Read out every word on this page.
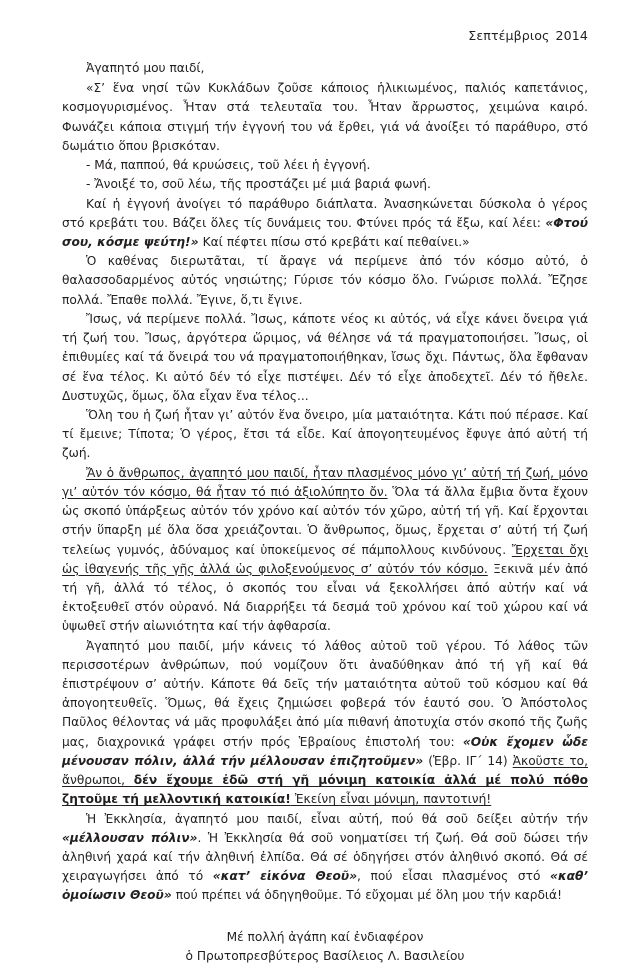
Σεπτέμβριος 2014
Ἀγαπητό μου παιδί,

«Σ’ ἕνα νησί τῶν Κυκλάδων ζοῦσε κάποιος ἡλικιωμένος, παλιός καπετάνιος, κοσμογυρισμένος. Ἦταν στά τελευταῖα του. Ἦταν ἄρρωστος, χειμώνα καιρό. Φωνάζει κάποια στιγμή τήν ἐγγονή του νά ἔρθει, γιά νά ἀνοίξει τό παράθυρο, στό δωμάτιο ὅπου βρισκόταν.

- Μά, παππού, θά κρυώσεις, τοῦ λέει ἡ ἐγγονή.

- Ἄνοιξέ το, σοῦ λέω, τῆς προστάζει μέ μιά βαριά φωνή.

Καί ἡ ἐγγονή ἀνοίγει τό παράθυρο διάπλατα. Ἀνασηκώνεται δύσκολα ὁ γέρος στό κρεβάτι του. Βάζει ὅλες τίς δυνάμεις του. Φτύνει πρός τά ἔξω, καί λέει: «Φτού σου, κόσμε ψεύτη!» Καί πέφτει πίσω στό κρεβάτι καί πεθαίνει.»

Ὁ καθένας διερωτᾶται, τί ἄραγε νά περίμενε ἀπό τόν κόσμο αὐτό, ὁ θαλασσοδαρμένος αὐτός νησιώτης; Γύρισε τόν κόσμο ὅλο. Γνώρισε πολλά. Ἔζησε πολλά. Ἔπαθε πολλά. Ἔγινε, ὅ,τι ἔγινε.

Ἴσως, νά περίμενε πολλά. Ἴσως, κάποτε νέος κι αὐτός, νά εἶχε κάνει ὄνειρα γιά τή ζωή του. Ἴσως, ἀργότερα ὥριμος, νά θέλησε νά τά πραγματοποιήσει. Ἴσως, οἱ ἐπιθυμίες καί τά ὄνειρά του νά πραγματοποιήθηκαν, ἴσως ὄχι. Πάντως, ὅλα ἔφθαναν σέ ἕνα τέλος. Κι αὐτό δέν τό εἶχε πιστέψει. Δέν τό εἶχε ἀποδεχτεῖ. Δέν τό ἤθελε. Δυστυχῶς, ὅμως, ὅλα εἶχαν ἕνα τέλος...

Ὅλη του ἡ ζωή ἦταν γι’ αὐτόν ἕνα ὄνειρο, μία ματαιότητα. Κάτι πού πέρασε. Καί τί ἔμεινε; Τίποτα; Ὁ γέρος, ἔτσι τά εἶδε. Καί ἀπογοητευμένος ἔφυγε ἀπό αὐτή τή ζωή.

Ἄν ὁ ἄνθρωπος, ἀγαπητό μου παιδί, ἦταν πλασμένος μόνο γι’ αὐτή τή ζωή, μόνο γι’ αὐτόν τόν κόσμο, θά ἦταν τό πιό ἀξιολύπητο ὄν. Ὅλα τά ἄλλα ἔμβια ὄντα ἔχουν ὡς σκοπό ὑπάρξεως αὐτόν τόν χρόνο καί αὐτόν τόν χῶρο, αὐτή τή γῆ. Καί ἔρχονται στήν ὕπαρξη μέ ὅλα ὅσα χρειάζονται. Ὁ ἄνθρωπος, ὅμως, ἔρχεται σ’ αὐτή τή ζωή τελείως γυμνός, ἀδύναμος καί ὑποκείμενος σέ πάμπολλους κινδύνους. Ἔρχεται ὄχι ὡς ἰθαγενής τῆς γῆς ἀλλά ὡς φιλοξενούμενος σ’ αὐτόν τόν κόσμο. Ξεκινᾶ μέν ἀπό τή γῆ, ἀλλά τό τέλος, ὁ σκοπός του εἶναι νά ξεκολλήσει ἀπό αὐτήν καί νά ἐκτοξευθεῖ στόν οὐρανό. Νά διαρρήξει τά δεσμά τοῦ χρόνου καί τοῦ χώρου καί νά ὑψωθεῖ στήν αἰωνιότητα καί τήν ἀφθαρσία.

Ἀγαπητό μου παιδί, μήν κάνεις τό λάθος αὐτοῦ τοῦ γέρου. Τό λάθος τῶν περισσοτέρων ἀνθρώπων, πού νομίζουν ὅτι ἀναδύθηκαν ἀπό τή γῆ καί θά ἐπιστρέψουν σ’ αὐτήν. Κάποτε θά δεῖς τήν ματαιότητα αὐτοῦ τοῦ κόσμου καί θά ἀπογοητευθεῖς. Ὅμως, θά ἔχεις ζημιώσει φοβερά τόν ἑαυτό σου. Ὁ Ἀπόστολος Παῦλος θέλοντας νά μᾶς προφυλάξει ἀπό μία πιθανή ἀποτυχία στόν σκοπό τῆς ζωῆς μας, διαχρονικά γράφει στήν πρός Ἑβραίους ἐπιστολή του: «Οὐκ ἔχομεν ὧδε μένουσαν πόλιν, ἀλλά τήν μέλλουσαν ἐπιζητοῦμεν» (Ἑβρ. ΙΓ´ 14) Ἀκοῦστε το, ἄνθρωποι, δέν ἔχουμε ἐδῶ στή γῆ μόνιμη κατοικία ἀλλά μέ πολύ πόθο ζητοῦμε τή μελλοντική κατοικία! Ἐκείνη εἶναι μόνιμη, παντοτινή!

Ἡ Ἐκκλησία, ἀγαπητό μου παιδί, εἶναι αὐτή, πού θά σοῦ δείξει αὐτήν τήν «μέλλουσαν πόλιν». Ἡ Ἐκκλησία θά σοῦ νοηματίσει τή ζωή. Θά σοῦ δώσει τήν ἀληθινή χαρά καί τήν ἀληθινή ἐλπίδα. Θά σέ ὁδηγήσει στόν ἀληθινό σκοπό. Θά σέ χειραγωγήσει ἀπό τό «κατ’ εἰκόνα Θεοῦ», πού εἶσαι πλασμένος στό «καθ’ ὁμοίωσιν Θεοῦ» πού πρέπει νά ὁδηγηθοῦμε. Τό εὔχομαι μέ ὅλη μου τήν καρδιά!

Μέ πολλή ἀγάπη καί ἐνδιαφέρον
ὁ Πρωτοπρεσβύτερος Βασίλειος Λ. Βασιλείου
